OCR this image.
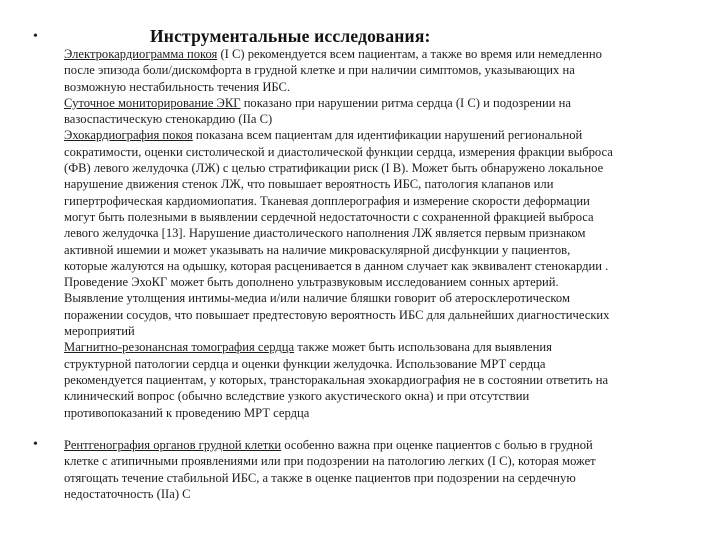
•	Инструментальные исследования:
Электрокардиограмма покоя (I C) рекомендуется всем пациентам, а также во время или немедленно
после эпизода боли/дискомфорта в грудной клетке и при наличии симптомов, указывающих на
возможную нестабильность течения ИБС.
Суточное мониторирование ЭКГ показано при нарушении ритма сердца (I C) и подозрении на
вазоспастическую стенокардию (IIa C)
Эхокардиография покоя показана всем пациентам для идентификации нарушений региональной
сократимости, оценки систолической и диастолической функции сердца, измерения фракции выброса
(ФВ) левого желудочка (ЛЖ) с целью стратификации риск (I B). Может быть обнаружено локальное
нарушение движения стенок ЛЖ, что повышает вероятность ИБС, патология клапанов или
гипертрофическая кардиомиопатия. Тканевая допплерография и измерение скорости деформации
могут быть полезными в выявлении сердечной недостаточности с сохраненной фракцией выброса
левого желудочка [13]. Нарушение диастолического наполнения ЛЖ является первым признаком
активной ишемии и может указывать на наличие микроваскулярной дисфункции у пациентов,
которые жалуются на одышку, которая расценивается в данном случает как эквивалент стенокардии .
Проведение ЭхоКГ может быть дополнено ультразвуковым исследованием сонных артерий.
Выявление утолщения интимы-медиа и/или наличие бляшки говорит об атеросклеротическом
поражении сосудов, что повышает предтестовую вероятность ИБС для дальнейших диагностических
мероприятий
Магнитно-резонансная томография сердца также может быть использована для выявления
структурной патологии сердца и оценки функции желудочка. Использование МРТ сердца
рекомендуется пациентам, у которых, трансторакальная эхокардиография не в состоянии ответить на
клинический вопрос (обычно вследствие узкого акустического окна) и при отсутствии
противопоказаний к проведению МРТ сердца
• Рентгенография органов грудной клетки особенно важна при оценке пациентов с болью в грудной
клетке с атипичными проявлениями или при подозрении на патологию легких (I C), которая может
отягощать течение стабильной ИБС, а также в оценке пациентов при подозрении на сердечную
недостаточность (IIa) C
